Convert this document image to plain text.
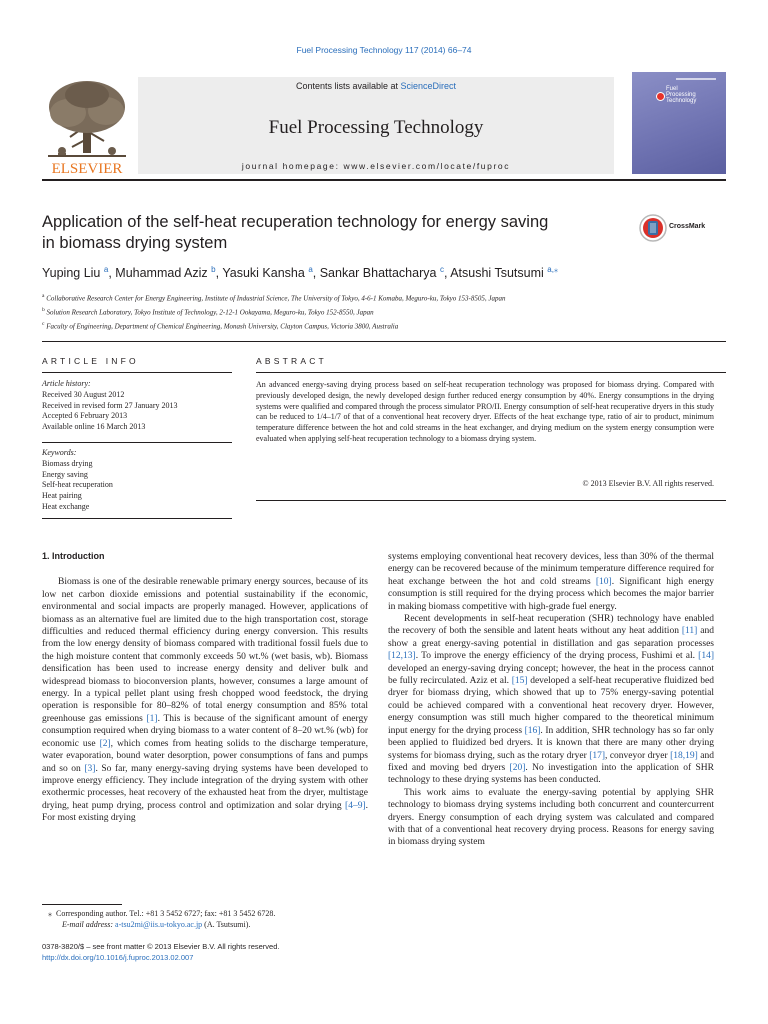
Fuel Processing Technology 117 (2014) 66–74
ELSEVIER
Contents lists available at ScienceDirect
Fuel Processing Technology
journal homepage: www.elsevier.com/locate/fuproc
Fuel
Processing
Technology
Application of the self-heat recuperation technology for energy saving
in biomass drying system
CrossMark
Yuping Liu $^a$, Muhammad Aziz $^b$, Yasuki Kansha $^a$, Sankar Bhattacharya $^c$, Atsushi Tsutsumi $^{a,⁎}$
$^a$ Collaborative Research Center for Energy Engineering, Institute of Industrial Science, The University of Tokyo, 4-6-1 Komaba, Meguro-ku, Tokyo 153-8505, Japan
$^b$ Solution Research Laboratory, Tokyo Institute of Technology, 2-12-1 Ookayama, Meguro-ku, Tokyo 152-8550, Japan
$^c$ Faculty of Engineering, Department of Chemical Engineering, Monash University, Clayton Campus, Victoria 3800, Australia
ARTICLE INFO
Article history:
Received 30 August 2012
Received in revised form 27 January 2013
Accepted 6 February 2013
Available online 16 March 2013
Keywords:
Biomass drying
Energy saving
Self-heat recuperation
Heat pairing
Heat exchange
ABSTRACT
An advanced energy-saving drying process based on self-heat recuperation technology was proposed for biomass drying. Compared with previously developed design, the newly developed design further reduced energy consumption by 40%. Energy consumptions in the drying systems were qualified and compared through the process simulator PRO/II. Energy consumption of self-heat recuperative dryers in this study can be reduced to 1/4–1/7 of that of a conventional heat recovery dryer. Effects of the heat exchange type, ratio of air to product, minimum temperature difference between the hot and cold streams in the heat exchanger, and drying medium on the system energy consumption were evaluated when applying self-heat recuperation technology to a biomass drying system.
© 2013 Elsevier B.V. All rights reserved.
1. Introduction

Biomass is one of the desirable renewable primary energy sources, because of its low net carbon dioxide emissions and potential sustainability if the economic, environmental and social impacts are properly managed. However, applications of biomass as an alternative fuel are limited due to the high transportation cost, storage difficulties and reduced thermal efficiency during energy conversion. This results from the low energy density of biomass compared with traditional fossil fuels due to the high moisture content that commonly exceeds 50 wt.% (wet basis, wb). Biomass densification has been used to increase energy density and deliver bulk and widespread biomass to bioconversion plants, however, consumes a large amount of energy. In a typical pellet plant using fresh chopped wood feedstock, the drying operation is responsible for 80–82% of total energy consumption and 85% total greenhouse gas emissions [1]. This is because of the significant amount of energy consumption required when drying biomass to a water content of 8–20 wt.% (wb) for economic use [2], which comes from heating solids to the discharge temperature, water evaporation, bound water desorption, power consumptions of fans and pumps and so on [3]. So far, many energy-saving drying systems have been developed to improve energy efficiency. They include integration of the drying system with other exothermic processes, heat recovery of the exhausted heat from the dryer, multistage drying, heat pump drying, process control and optimization and solar drying [4–9]. For most existing drying

systems employing conventional heat recovery devices, less than 30% of the thermal energy can be recovered because of the minimum temperature difference required for heat exchange between the hot and cold streams [10]. Significant high energy consumption is still required for the drying process which becomes the major barrier in making biomass competitive with high-grade fuel energy.

Recent developments in self-heat recuperation (SHR) technology have enabled the recovery of both the sensible and latent heats without any heat addition [11] and show a great energy-saving potential in distillation and gas separation processes [12,13]. To improve the energy efficiency of the drying process, Fushimi et al. [14] developed an energy-saving drying concept; however, the heat in the process cannot be fully recirculated. Aziz et al. [15] developed a self-heat recuperative fluidized bed dryer for biomass drying, which showed that up to 75% energy-saving potential could be achieved compared with a conventional heat recovery dryer. However, energy consumption was still much higher compared to the theoretical minimum input energy for the drying process [16]. In addition, SHR technology has so far only been applied to fluidized bed dryers. It is known that there are many other drying systems for biomass drying, such as the rotary dryer [17], conveyor dryer [18,19] and fixed and moving bed dryers [20]. No investigation into the application of SHR technology to these drying systems has been conducted.

This work aims to evaluate the energy-saving potential by applying SHR technology to biomass drying systems including both concurrent and countercurrent dryers. Energy consumption of each drying system was calculated and compared with that of a conventional heat recovery drying process. Reasons for energy saving in biomass drying system

⁎ Corresponding author. Tel.: +81 3 5452 6727; fax: +81 3 5452 6728.
E-mail address: a-tsu2mi@iis.u-tokyo.ac.jp (A. Tsutsumi).
0378-3820/$ – see front matter © 2013 Elsevier B.V. All rights reserved.
http://dx.doi.org/10.1016/j.fuproc.2013.02.007
